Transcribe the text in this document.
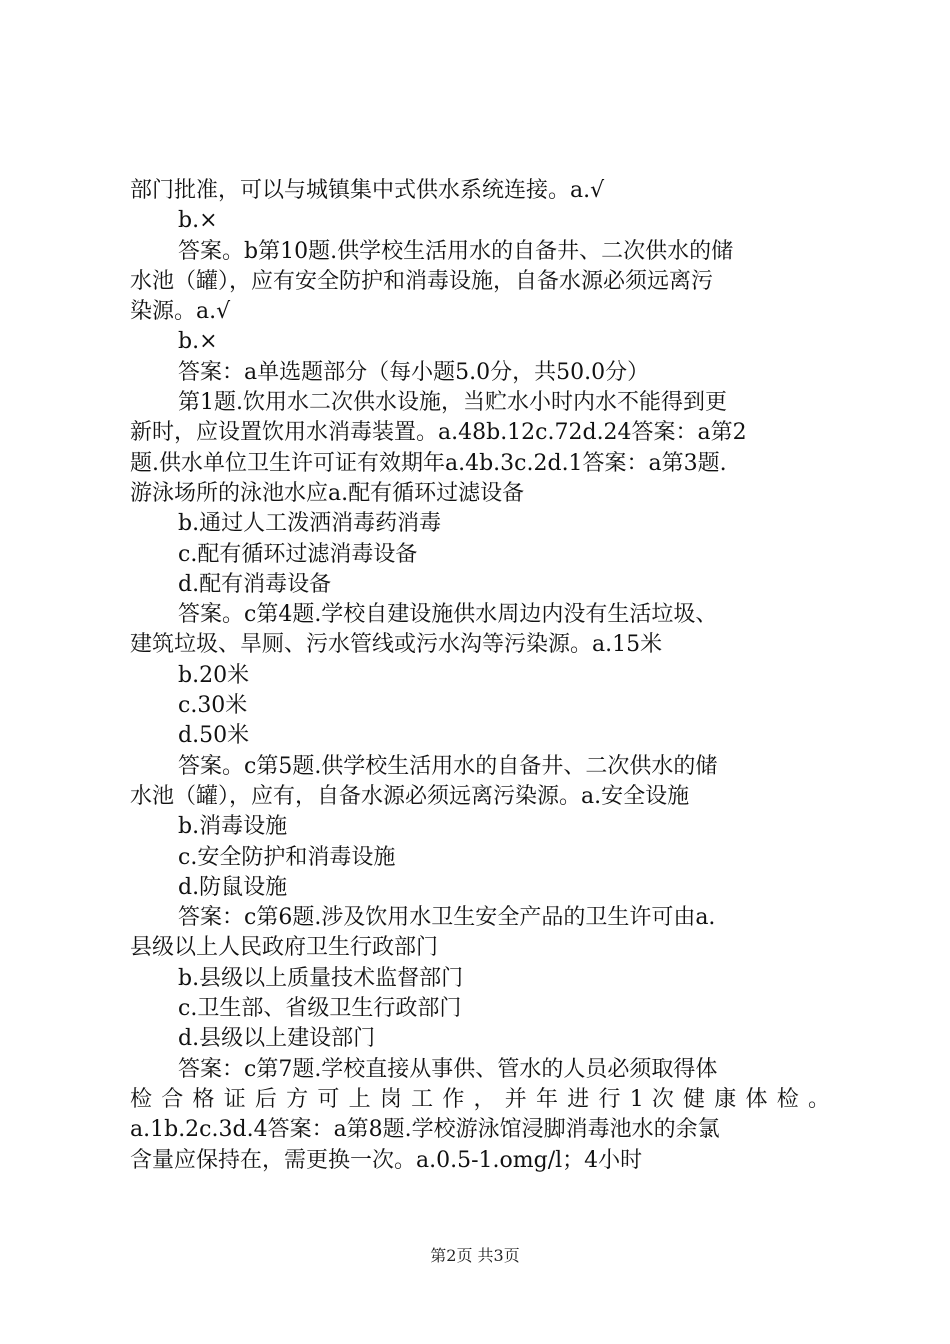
部门批准，可以与城镇集中式供水系统连接。a.√
b.×
答案。b第10题.供学校生活用水的自备井、二次供水的储
水池（罐），应有安全防护和消毒设施，自备水源必须远离污
染源。a.√
b.×
答案：a单选题部分（每小题5.0分，共50.0分）
第1题.饮用水二次供水设施，当贮水小时内水不能得到更
新时，应设置饮用水消毒装置。a.48b.12c.72d.24答案：a第2
题.供水单位卫生许可证有效期年a.4b.3c.2d.1答案：a第3题.
游泳场所的泳池水应a.配有循环过滤设备
b.通过人工泼洒消毒药消毒
c.配有循环过滤消毒设备
d.配有消毒设备
答案。c第4题.学校自建设施供水周边内没有生活垃圾、
建筑垃圾、旱厕、污水管线或污水沟等污染源。a.15米
b.20米
c.30米
d.50米
答案。c第5题.供学校生活用水的自备井、二次供水的储
水池（罐），应有，自备水源必须远离污染源。a.安全设施
b.消毒设施
c.安全防护和消毒设施
d.防鼠设施
答案：c第6题.涉及饮用水卫生安全产品的卫生许可由a.
县级以上人民政府卫生行政部门
b.县级以上质量技术监督部门
c.卫生部、省级卫生行政部门
d.县级以上建设部门
答案：c第7题.学校直接从事供、管水的人员必须取得体
检 合 格 证 后 方 可 上 岗 工 作 ， 并 年 进 行 1 次 健 康 体 检 。
a.1b.2c.3d.4答案：a第8题.学校游泳馆浸脚消毒池水的余氯
含量应保持在，需更换一次。a.0.5-1.omg/l；4小时
第2页 共3页
